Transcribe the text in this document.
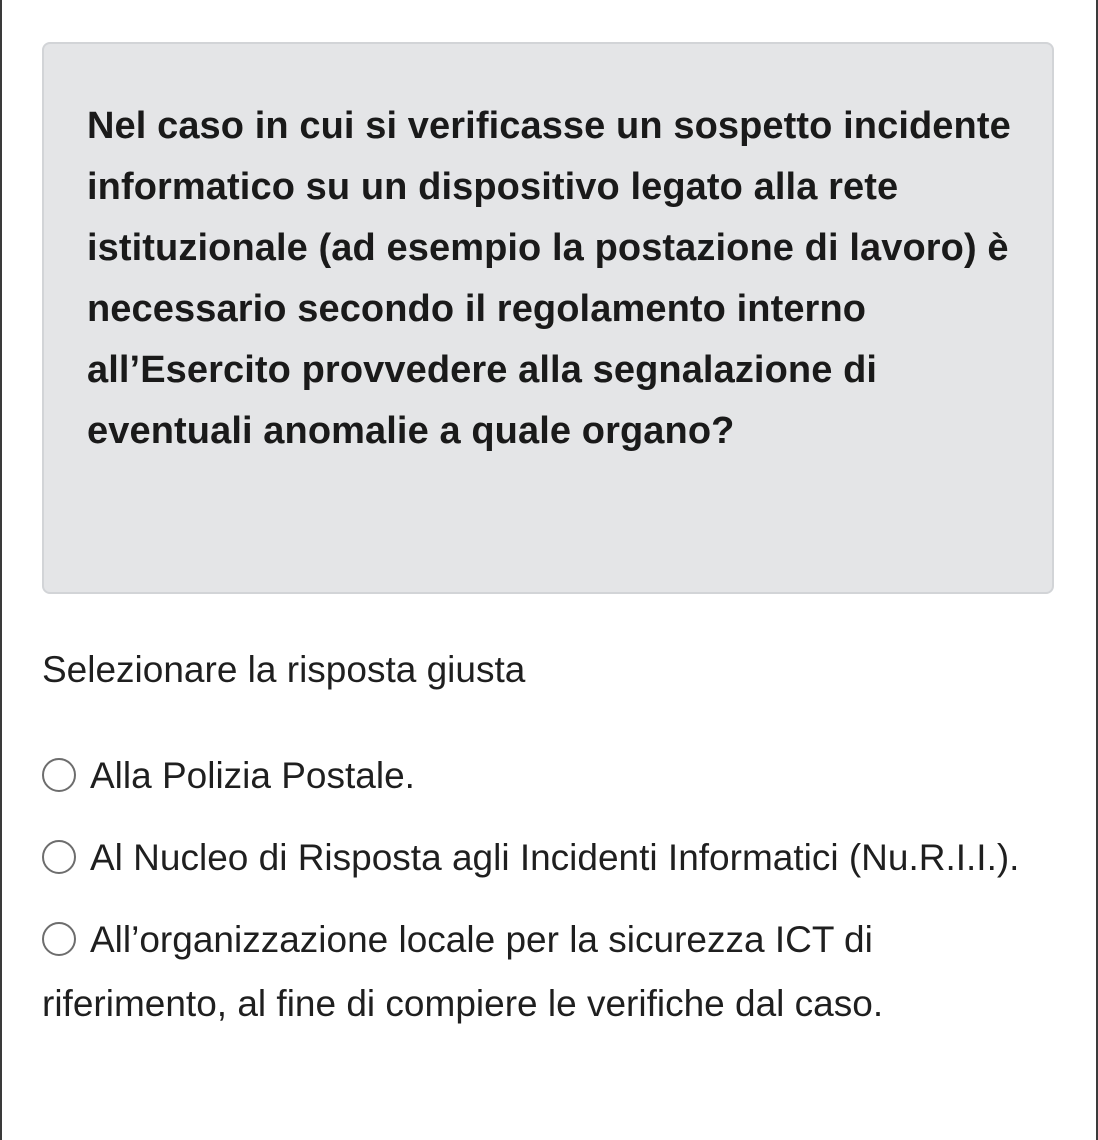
Nel caso in cui si verificasse un sospetto incidente informatico su un dispositivo legato alla rete istituzionale (ad esempio la postazione di lavoro) è necessario secondo il regolamento interno all’Esercito provvedere alla segnalazione di eventuali anomalie a quale organo?

Selezionare la risposta giusta

Alla Polizia Postale.
Al Nucleo di Risposta agli Incidenti Informatici (Nu.R.I.I.).
All’organizzazione locale per la sicurezza ICT di riferimento, al fine di compiere le verifiche dal caso.
